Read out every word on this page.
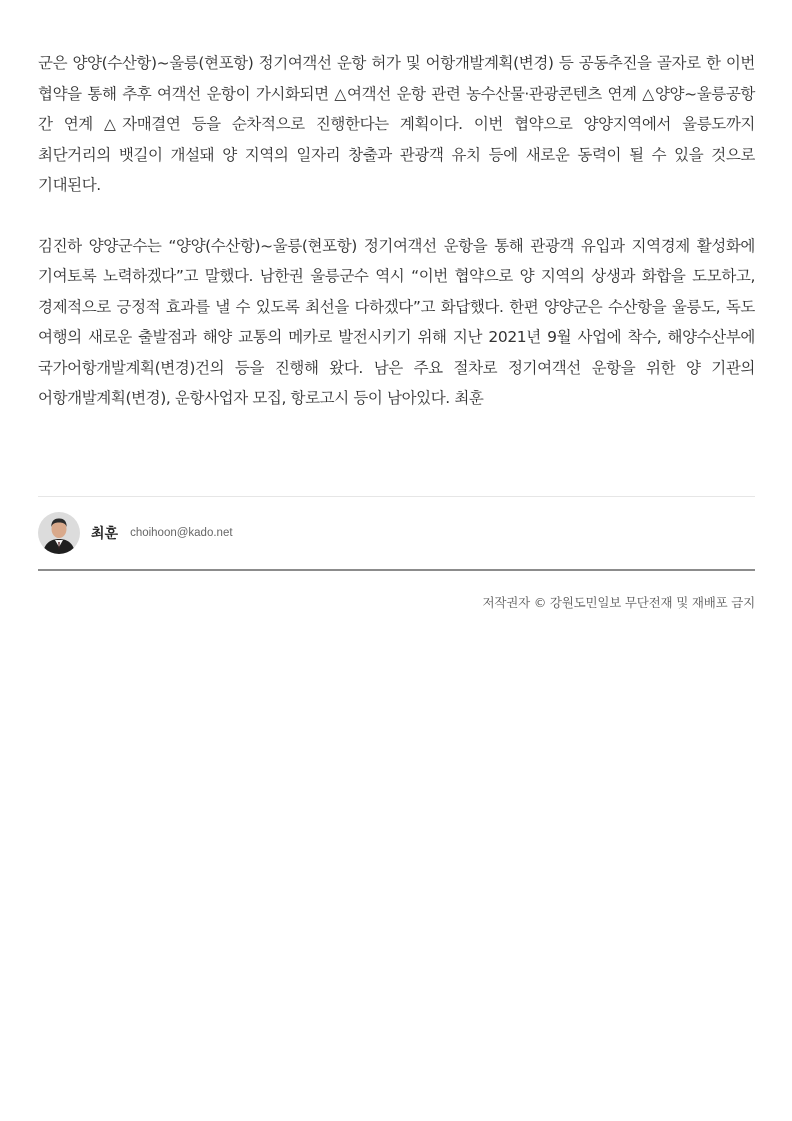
군은 양양(수산항)~울릉(현포항) 정기여객선 운항 허가 및 어항개발계획(변경) 등 공동추진을 골자로 한 이번 협약을 통해 추후 여객선 운항이 가시화되면 △여객선 운항 관련 농수산물·관광콘텐츠 연계 △양양~울릉공항 간 연계 △자매결연 등을 순차적으로 진행한다는 계획이다. 이번 협약으로 양양지역에서 울릉도까지 최단거리의 뱃길이 개설돼 양 지역의 일자리 창출과 관광객 유치 등에 새로운 동력이 될 수 있을 것으로 기대된다.

김진하 양양군수는 “양양(수산항)~울릉(현포항) 정기여객선 운항을 통해 관광객 유입과 지역경제 활성화에 기여토록 노력하겠다”고 말했다. 남한권 울릉군수 역시 “이번 협약으로 양 지역의 상생과 화합을 도모하고, 경제적으로 긍정적 효과를 낼 수 있도록 최선을 다하겠다”고 화답했다. 한편 양양군은 수산항을 울릉도, 독도 여행의 새로운 출발점과 해양 교통의 메카로 발전시키기 위해 지난 2021년 9월 사업에 착수, 해양수산부에 국가어항개발계획(변경)건의 등을 진행해 왔다. 남은 주요 절차로 정기여객선 운항을 위한 양 기관의 어항개발계획(변경), 운항사업자 모집, 항로고시 등이 남아있다. 최훈

최훈 choihoon@kado.net
저작권자 © 강원도민일보 무단전재 및 재배포 금지
